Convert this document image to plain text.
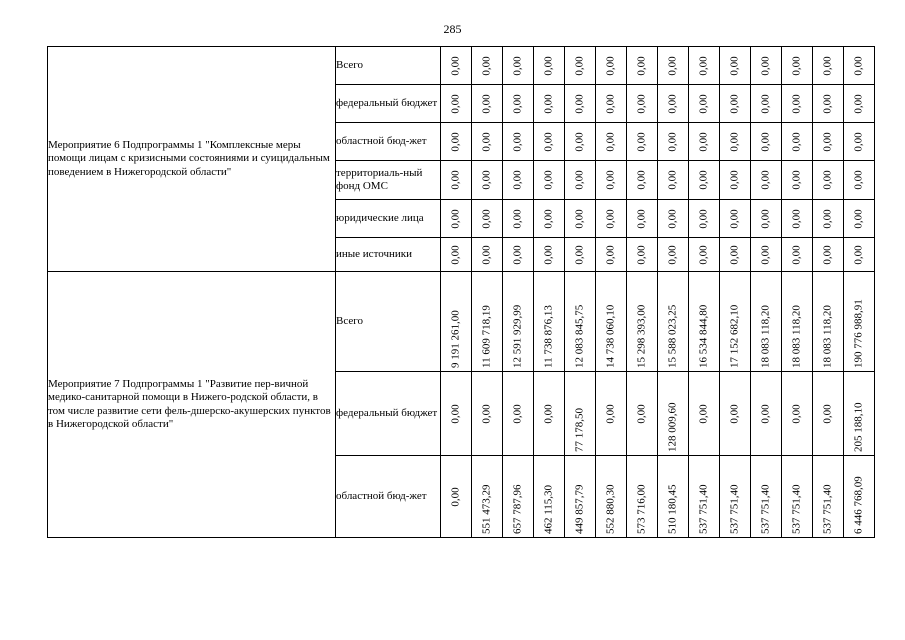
285
Мероприятие 6 Подпрограммы 1 "Комплексные меры помощи лицам с кризисными состояниями и суицидальным поведением в Нижегородской области"	Всего	0,00	0,00	0,00	0,00	0,00	0,00	0,00	0,00	0,00	0,00	0,00	0,00	0,00	0,00

	федеральный бюджет	0,00	0,00	0,00	0,00	0,00	0,00	0,00	0,00	0,00	0,00	0,00	0,00	0,00	0,00

	областной бюд-жет	0,00	0,00	0,00	0,00	0,00	0,00	0,00	0,00	0,00	0,00	0,00	0,00	0,00	0,00

	территориаль-ный фонд ОМС	0,00	0,00	0,00	0,00	0,00	0,00	0,00	0,00	0,00	0,00	0,00	0,00	0,00	0,00

	юридические лица	0,00	0,00	0,00	0,00	0,00	0,00	0,00	0,00	0,00	0,00	0,00	0,00	0,00	0,00

	иные источники	0,00	0,00	0,00	0,00	0,00	0,00	0,00	0,00	0,00	0,00	0,00	0,00	0,00	0,00

Мероприятие 7 Подпрограммы 1 "Развитие пер-вичной медико-санитарной помощи в Нижего-родской области, в том числе развитие сети фель-дшерско-акушерских пунктов в Нижегородской области"	Всего	9 191 261,00	11 609 718,19	12 591 929,99	11 738 876,13	12 083 845,75	14 738 060,10	15 298 393,00	15 588 023,25	16 534 844,80	17 152 682,10	18 083 118,20	18 083 118,20	18 083 118,20	190 776 988,91

	федеральный бюджет	0,00	0,00	0,00	0,00	77 178,50	0,00	0,00	128 009,60	0,00	0,00	0,00	0,00	0,00	205 188,10

	областной бюд-жет	0,00	551 473,29	657 787,96	462 115,30	449 857,79	552 880,30	573 716,00	510 180,45	537 751,40	537 751,40	537 751,40	537 751,40	537 751,40	6 446 768,09
